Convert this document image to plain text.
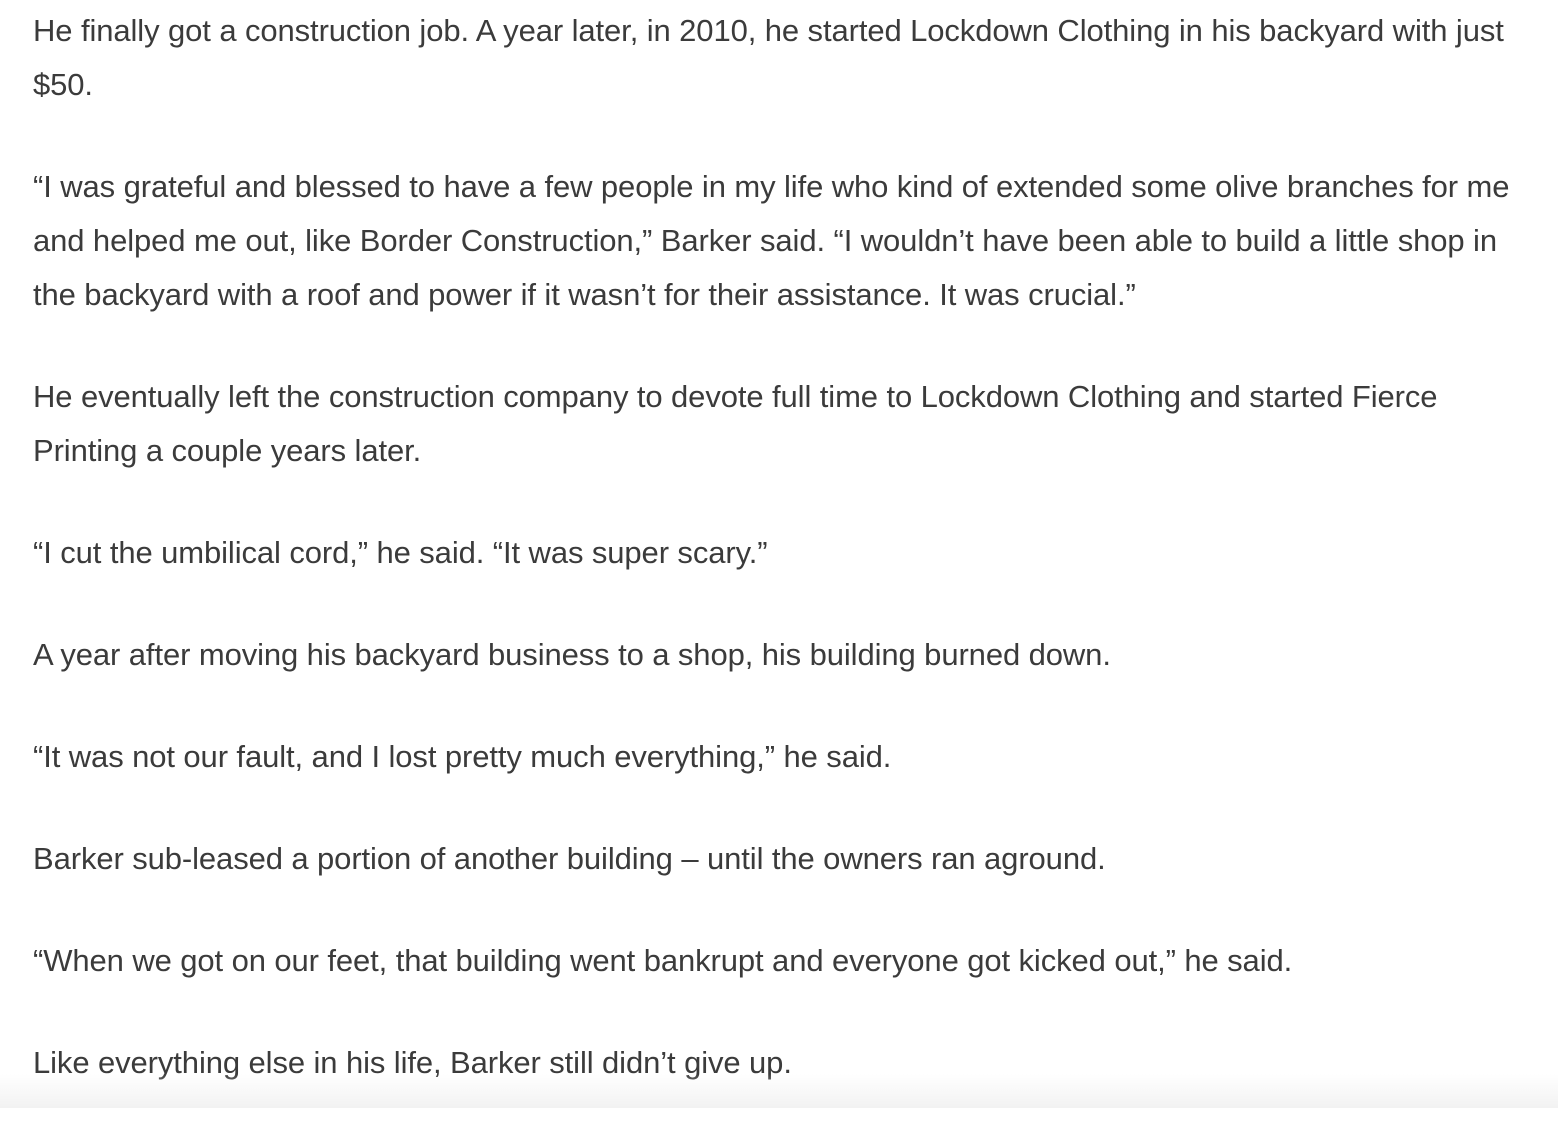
He finally got a construction job. A year later, in 2010, he started Lockdown Clothing in his backyard with just $50.

“I was grateful and blessed to have a few people in my life who kind of extended some olive branches for me and helped me out, like Border Construction,” Barker said. “I wouldn’t have been able to build a little shop in the backyard with a roof and power if it wasn’t for their assistance. It was crucial.”

He eventually left the construction company to devote full time to Lockdown Clothing and started Fierce Printing a couple years later.

“I cut the umbilical cord,” he said. “It was super scary.”

A year after moving his backyard business to a shop, his building burned down.

“It was not our fault, and I lost pretty much everything,” he said.

Barker sub-leased a portion of another building – until the owners ran aground.

“When we got on our feet, that building went bankrupt and everyone got kicked out,” he said.

Like everything else in his life, Barker still didn’t give up.
